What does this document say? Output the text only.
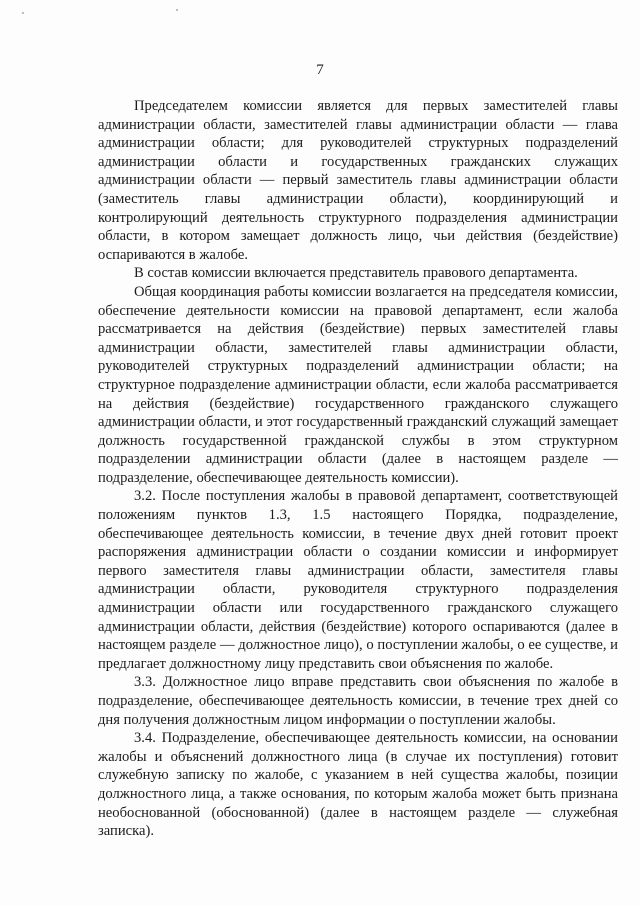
7

Председателем комиссии является для первых заместителей главы администрации области, заместителей главы администрации области — глава администрации области; для руководителей структурных подразделений администрации области и государственных гражданских служащих администрации области — первый заместитель главы администрации области (заместитель главы администрации области), координирующий и контролирующий деятельность структурного подразделения администрации области, в котором замещает должность лицо, чьи действия (бездействие) оспариваются в жалобе.

В состав комиссии включается представитель правового департамента.

Общая координация работы комиссии возлагается на председателя комиссии, обеспечение деятельности комиссии на правовой департамент, если жалоба рассматривается на действия (бездействие) первых заместителей главы администрации области, заместителей главы администрации области, руководителей структурных подразделений администрации области; на структурное подразделение администрации области, если жалоба рассматривается на действия (бездействие) государственного гражданского служащего администрации области, и этот государственный гражданский служащий замещает должность государственной гражданской службы в этом структурном подразделении администрации области (далее в настоящем разделе — подразделение, обеспечивающее деятельность комиссии).

3.2. После поступления жалобы в правовой департамент, соответствующей положениям пунктов 1.3, 1.5 настоящего Порядка, подразделение, обеспечивающее деятельность комиссии, в течение двух дней готовит проект распоряжения администрации области о создании комиссии и информирует первого заместителя главы администрации области, заместителя главы администрации области, руководителя структурного подразделения администрации области или государственного гражданского служащего администрации области, действия (бездействие) которого оспариваются (далее в настоящем разделе — должностное лицо), о поступлении жалобы, о ее существе, и предлагает должностному лицу представить свои объяснения по жалобе.

3.3. Должностное лицо вправе представить свои объяснения по жалобе в подразделение, обеспечивающее деятельность комиссии, в течение трех дней со дня получения должностным лицом информации о поступлении жалобы.

3.4. Подразделение, обеспечивающее деятельность комиссии, на основании жалобы и объяснений должностного лица (в случае их поступления) готовит служебную записку по жалобе, с указанием в ней существа жалобы, позиции должностного лица, а также основания, по которым жалоба может быть признана необоснованной (обоснованной) (далее в настоящем разделе — служебная записка).
